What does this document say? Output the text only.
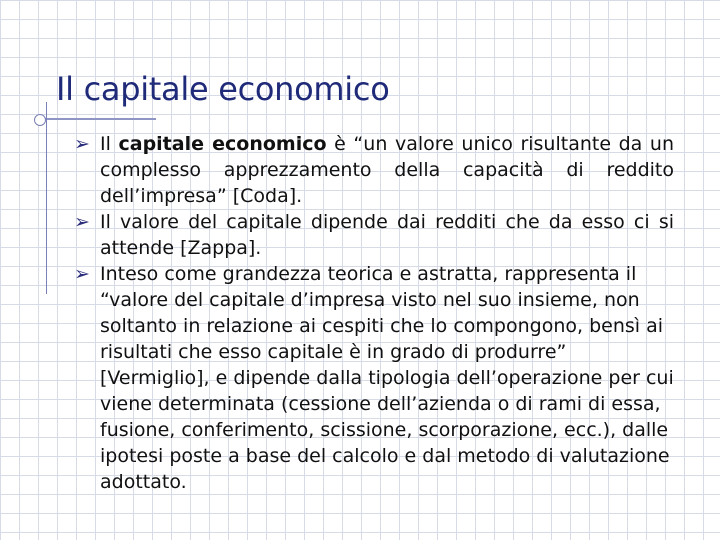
Il capitale economico
➢ Il capitale economico è “un valore unico risultante da un complesso apprezzamento della capacità di reddito dell’impresa” [Coda].
➢ Il valore del capitale dipende dai redditi che da esso ci si attende [Zappa].
➢ Inteso come grandezza teorica e astratta, rappresenta il “valore del capitale d’impresa visto nel suo insieme, non soltanto in relazione ai cespiti che lo compongono, bensì ai risultati che esso capitale è in grado di produrre” [Vermiglio], e dipende dalla tipologia dell’operazione per cui viene determinata (cessione dell’azienda o di rami di essa, fusione, conferimento, scissione, scorporazione, ecc.), dalle ipotesi poste a base del calcolo e dal metodo di valutazione adottato.
